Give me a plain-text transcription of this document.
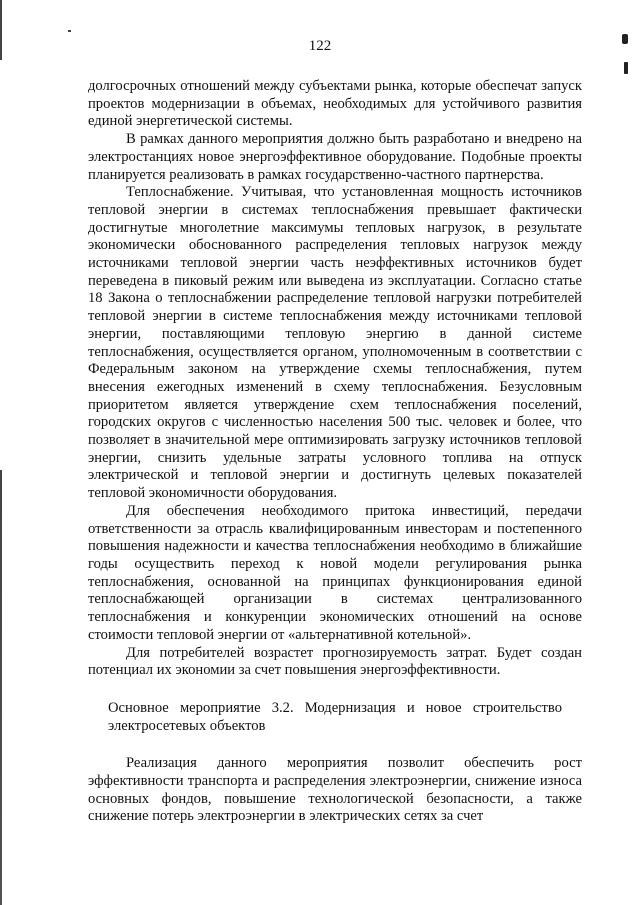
122

долгосрочных отношений между субъектами рынка, которые обеспечат запуск проектов модернизации в объемах, необходимых для устойчивого развития единой энергетической системы.

В рамках данного мероприятия должно быть разработано и внедрено на электростанциях новое энергоэффективное оборудование. Подобные проекты планируется реализовать в рамках государственно-частного партнерства.

Теплоснабжение. Учитывая, что установленная мощность источников тепловой энергии в системах теплоснабжения превышает фактически достигнутые многолетние максимумы тепловых нагрузок, в результате экономически обоснованного распределения тепловых нагрузок между источниками тепловой энергии часть неэффективных источников будет переведена в пиковый режим или выведена из эксплуатации. Согласно статье 18 Закона о теплоснабжении распределение тепловой нагрузки потребителей тепловой энергии в системе теплоснабжения между источниками тепловой энергии, поставляющими тепловую энергию в данной системе теплоснабжения, осуществляется органом, уполномоченным в соответствии с Федеральным законом на утверждение схемы теплоснабжения, путем внесения ежегодных изменений в схему теплоснабжения. Безусловным приоритетом является утверждение схем теплоснабжения поселений, городских округов с численностью населения 500 тыс. человек и более, что позволяет в значительной мере оптимизировать загрузку источников тепловой энергии, снизить удельные затраты условного топлива на отпуск электрической и тепловой энергии и достигнуть целевых показателей тепловой экономичности оборудования.

Для обеспечения необходимого притока инвестиций, передачи ответственности за отрасль квалифицированным инвесторам и постепенного повышения надежности и качества теплоснабжения необходимо в ближайшие годы осуществить переход к новой модели регулирования рынка теплоснабжения, основанной на принципах функционирования единой теплоснабжающей организации в системах централизованного теплоснабжения и конкуренции экономических отношений на основе стоимости тепловой энергии от «альтернативной котельной».

Для потребителей возрастет прогнозируемость затрат. Будет создан потенциал их экономии за счет повышения энергоэффективности.

Основное мероприятие 3.2. Модернизация и новое строительство электросетевых объектов

Реализация данного мероприятия позволит обеспечить рост эффективности транспорта и распределения электроэнергии, снижение износа основных фондов, повышение технологической безопасности, а также снижение потерь электроэнергии в электрических сетях за счет
